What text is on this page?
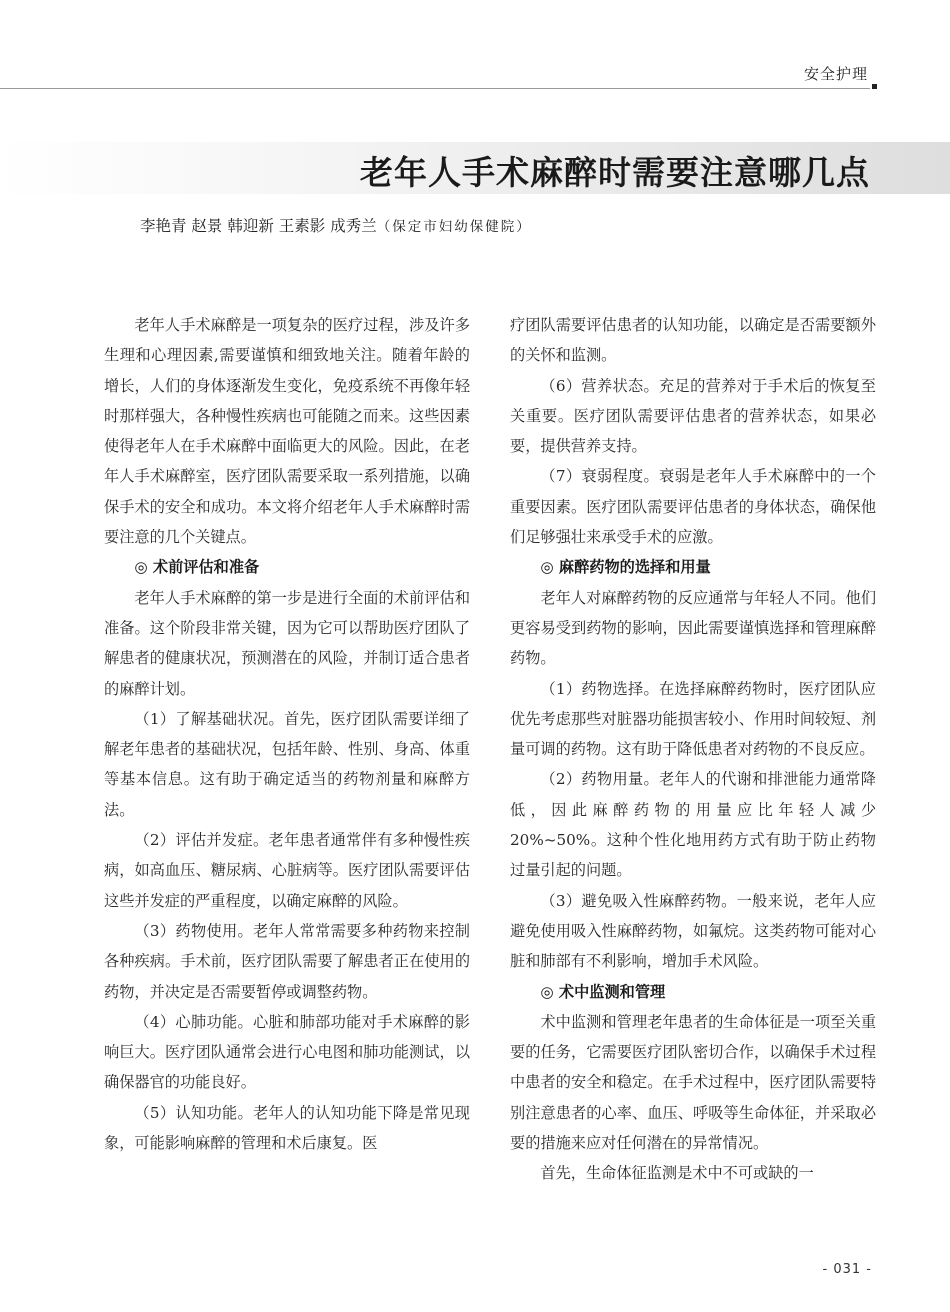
安全护理
老年人手术麻醉时需要注意哪几点
李艳青 赵景 韩迎新 王素影 成秀兰（保定市妇幼保健院）

老年人手术麻醉是一项复杂的医疗过程，涉及许多生理和心理因素,需要谨慎和细致地关注。随着年龄的增长，人们的身体逐渐发生变化，免疫系统不再像年轻时那样强大，各种慢性疾病也可能随之而来。这些因素使得老年人在手术麻醉中面临更大的风险。因此，在老年人手术麻醉室，医疗团队需要采取一系列措施，以确保手术的安全和成功。本文将介绍老年人手术麻醉时需要注意的几个关键点。

◎ 术前评估和准备

老年人手术麻醉的第一步是进行全面的术前评估和准备。这个阶段非常关键，因为它可以帮助医疗团队了解患者的健康状况，预测潜在的风险，并制订适合患者的麻醉计划。

（1）了解基础状况。首先，医疗团队需要详细了解老年患者的基础状况，包括年龄、性别、身高、体重等基本信息。这有助于确定适当的药物剂量和麻醉方法。

（2）评估并发症。老年患者通常伴有多种慢性疾病，如高血压、糖尿病、心脏病等。医疗团队需要评估这些并发症的严重程度，以确定麻醉的风险。

（3）药物使用。老年人常常需要多种药物来控制各种疾病。手术前，医疗团队需要了解患者正在使用的药物，并决定是否需要暂停或调整药物。

（4）心肺功能。心脏和肺部功能对手术麻醉的影响巨大。医疗团队通常会进行心电图和肺功能测试，以确保器官的功能良好。

（5）认知功能。老年人的认知功能下降是常见现象，可能影响麻醉的管理和术后康复。医

疗团队需要评估患者的认知功能，以确定是否需要额外的关怀和监测。

（6）营养状态。充足的营养对于手术后的恢复至关重要。医疗团队需要评估患者的营养状态，如果必要，提供营养支持。

（7）衰弱程度。衰弱是老年人手术麻醉中的一个重要因素。医疗团队需要评估患者的身体状态，确保他们足够强壮来承受手术的应激。

◎ 麻醉药物的选择和用量

老年人对麻醉药物的反应通常与年轻人不同。他们更容易受到药物的影响，因此需要谨慎选择和管理麻醉药物。

（1）药物选择。在选择麻醉药物时，医疗团队应优先考虑那些对脏器功能损害较小、作用时间较短、剂量可调的药物。这有助于降低患者对药物的不良反应。

（2）药物用量。老年人的代谢和排泄能力通常降低，因此麻醉药物的用量应比年轻人减少20%~50%。这种个性化地用药方式有助于防止药物过量引起的问题。

（3）避免吸入性麻醉药物。一般来说，老年人应避免使用吸入性麻醉药物，如氟烷。这类药物可能对心脏和肺部有不利影响，增加手术风险。

◎ 术中监测和管理

术中监测和管理老年患者的生命体征是一项至关重要的任务，它需要医疗团队密切合作，以确保手术过程中患者的安全和稳定。在手术过程中，医疗团队需要特别注意患者的心率、血压、呼吸等生命体征，并采取必要的措施来应对任何潜在的异常情况。

首先，生命体征监测是术中不可或缺的一

- 031 -
